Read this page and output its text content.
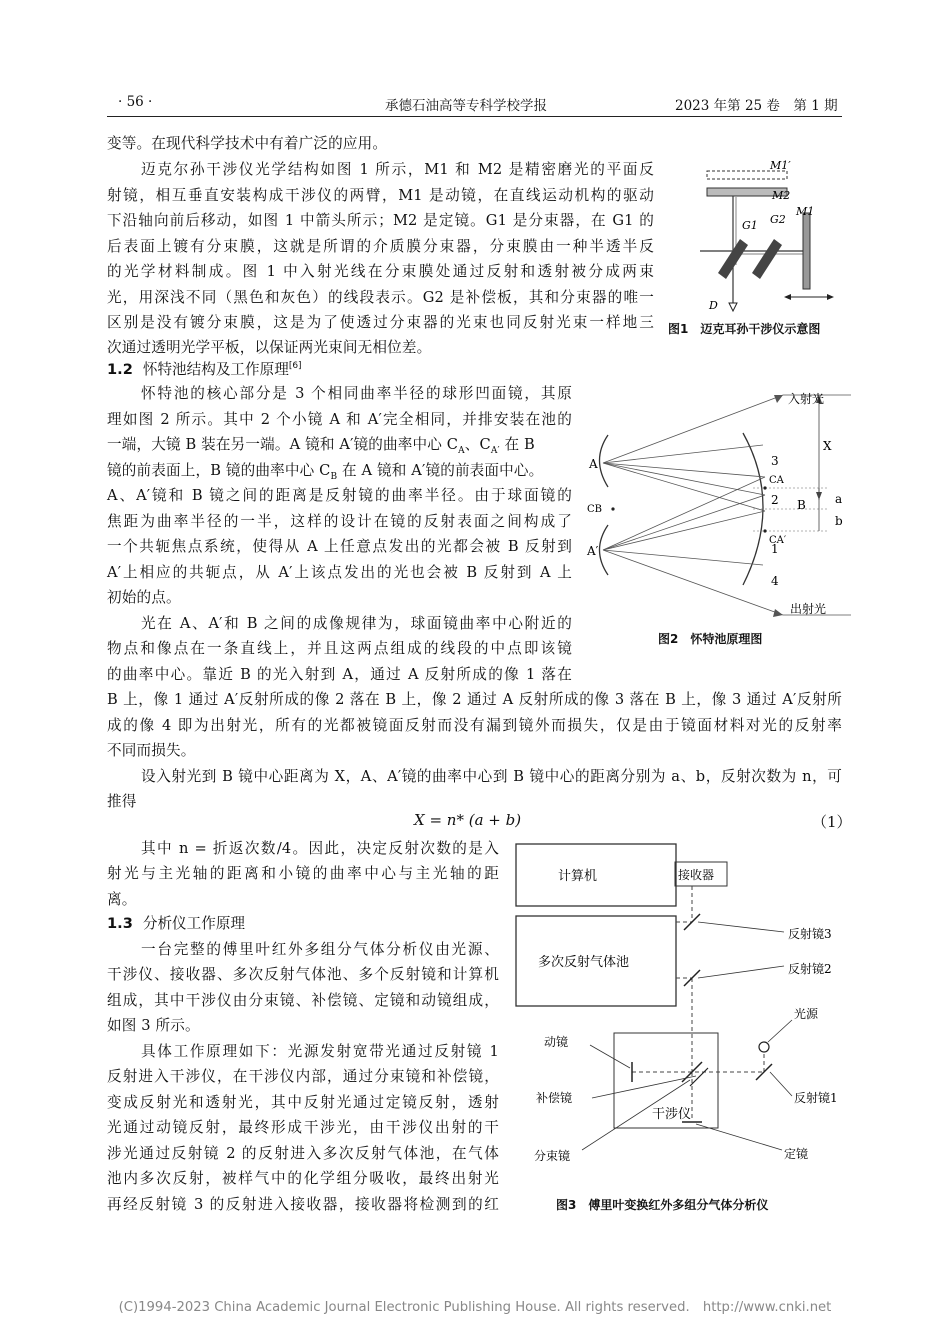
· 56 ·	承德石油高等专科学校学报	2023 年第 25 卷　第 1 期

变等。在现代科学技术中有着广泛的应用。

迈克尔孙干涉仪光学结构如图 1 所示，M1 和 M2 是精密磨光的平面反

射镜，相互垂直安装构成干涉仪的两臂，M1 是动镜，在直线运动机构的驱动

下沿轴向前后移动，如图 1 中箭头所示；M2 是定镜。G1 是分束器，在 G1 的

后表面上镀有分束膜，这就是所谓的介质膜分束器，分束膜由一种半透半反

的光学材料制成。图 1 中入射光线在分束膜处通过反射和透射被分成两束

光，用深浅不同（黑色和灰色）的线段表示。G2 是补偿板，其和分束器的唯一

区别是没有镀分束膜，这是为了使透过分束器的光束也同反射光束一样地三

次通过透明光学平板，以保证两光束间无相位差。

M1′
M2
M1
G1 G2
D
图1　迈克耳孙干涉仪示意图
1.2 怀特池结构及工作原理[6]

怀特池的核心部分是 3 个相同曲率半径的球形凹面镜，其原

理如图 2 所示。其中 2 个小镜 A 和 A′完全相同，并排安装在池的

一端，大镜 B 装在另一端。A 镜和 A′镜的曲率中心 $C_A$、$C_{A'}$ 在 B

镜的前表面上，B 镜的曲率中心 $C_B$ 在 A 镜和 A′镜的前表面中心。

A、A′镜和 B 镜之间的距离是反射镜的曲率半径。由于球面镜的

焦距为曲率半径的一半，这样的设计在镜的反射表面之间构成了

一个共轭焦点系统，使得从 A 上任意点发出的光都会被 B 反射到

A′上相应的共轭点，从 A′上该点发出的光也会被 B 反射到 A 上

初始的点。

入射光
出射光
A
A′
CB
X
B a
b
CA
CA′
1
2
3
4
图2　怀特池原理图

光在 A、A′和 B 之间的成像规律为，球面镜曲率中心附近的

物点和像点在一条直线上，并且这两点组成的线段的中点即该镜

的曲率中心。靠近 B 的光入射到 A，通过 A 反射所成的像 1 落在

B 上，像 1 通过 A′反射所成的像 2 落在 B 上，像 2 通过 A 反射所成的像 3 落在 B 上，像 3 通过 A′反射所

成的像 4 即为出射光，所有的光都被镜面反射而没有漏到镜外而损失，仅是由于镜面材料对光的反射率

不同而损失。

设入射光到 B 镜中心距离为 X，A、A′镜的曲率中心到 B 镜中心的距离分别为 a、b，反射次数为 n，可

推得

X = n* (a + b)	（1）

其中 n = 折返次数/4。因此，决定反射次数的是入

射光与主光轴的距离和小镜的曲率中心与主光轴的距

离。

1.3 分析仪工作原理

一台完整的傅里叶红外多组分气体分析仪由光源、

干涉仪、接收器、多次反射气体池、多个反射镜和计算机

组成，其中干涉仪由分束镜、补偿镜、定镜和动镜组成，

如图 3 所示。

具体工作原理如下：光源发射宽带光通过反射镜 1

反射进入干涉仪，在干涉仪内部，通过分束镜和补偿镜，

变成反射光和透射光，其中反射光通过定镜反射，透射

光通过动镜反射，最终形成干涉光，由干涉仪出射的干

涉光通过反射镜 2 的反射进入多次反射气体池，在气体

池内多次反射，被样气中的化学组分吸收，最终出射光

再经反射镜 3 的反射进入接收器，接收器将检测到的红

计算机	接收器
多次反射气体池
反射镜3
反射镜2
光源
动镜
补偿镜
干涉仪
反射镜1
分束镜	定镜
图3　傅里叶变换红外多组分气体分析仪
(C)1994-2023 China Academic Journal Electronic Publishing House. All rights reserved.　http://www.cnki.net
